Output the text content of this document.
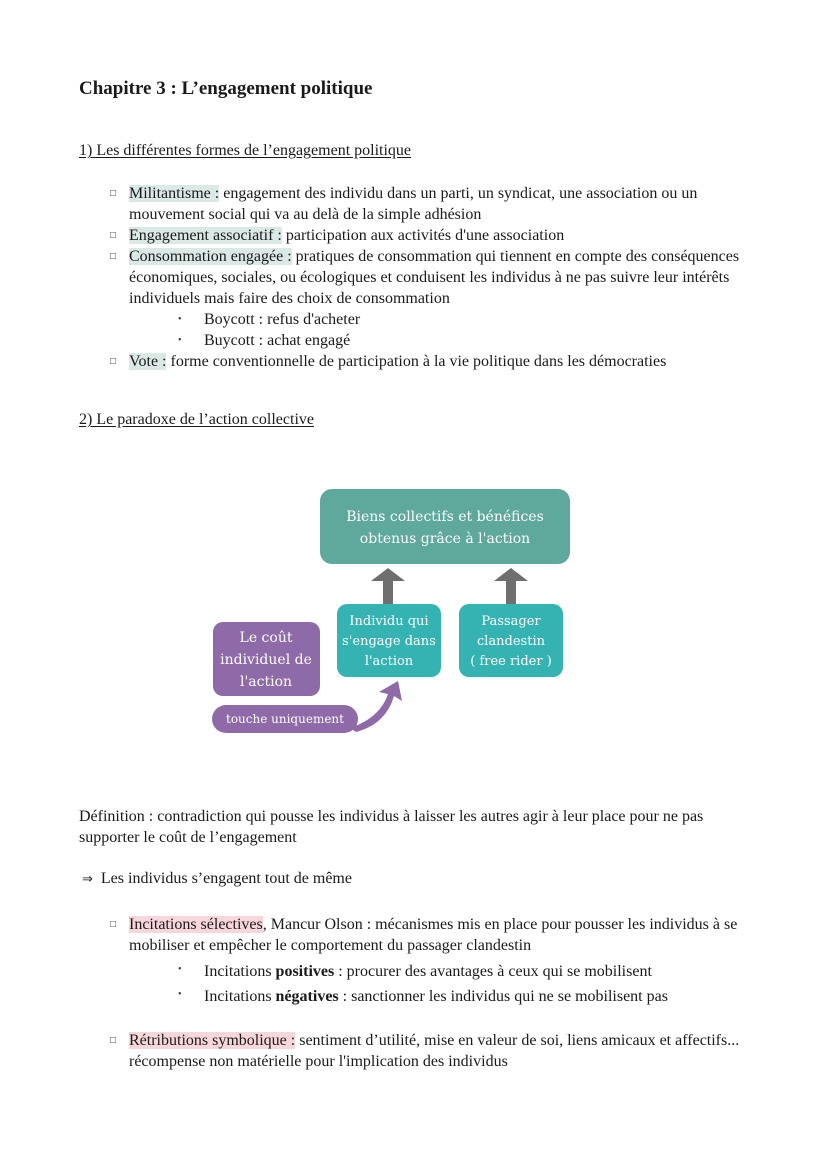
Chapitre 3 : L’engagement politique

1) Les différentes formes de l’engagement politique

□ Militantisme : engagement des individu dans un parti, un syndicat, une association ou un mouvement social qui va au delà de la simple adhésion
□ Engagement associatif : participation aux activités d'une association
□ Consommation engagée : pratiques de consommation qui tiennent en compte des conséquences économiques, sociales, ou écologiques et conduisent les individus à ne pas suivre leur intérêts individuels mais faire des choix de consommation
• Boycott : refus d'acheter
• Buycott : achat engagé
□ Vote : forme conventionnelle de participation à la vie politique dans les démocraties

2) Le paradoxe de l’action collective

Biens collectifs et bénéfices
obtenus grâce à l'action
Individu qui
s'engage dans
l'action
Passager
clandestin
( free rider )
Le coût
individuel de
l'action
touche uniquement
Définition : contradiction qui pousse les individus à laisser les autres agir à leur place pour ne pas supporter le coût de l’engagement
⇒ Les individus s’engagent tout de même
□ Incitations sélectives, Mancur Olson : mécanismes mis en place pour pousser les individus à se mobiliser et empêcher le comportement du passager clandestin
• Incitations positives : procurer des avantages à ceux qui se mobilisent
• Incitations négatives : sanctionner les individus qui ne se mobilisent pas
□ Rétributions symbolique : sentiment d’utilité, mise en valeur de soi, liens amicaux et affectifs... récompense non matérielle pour l'implication des individus
